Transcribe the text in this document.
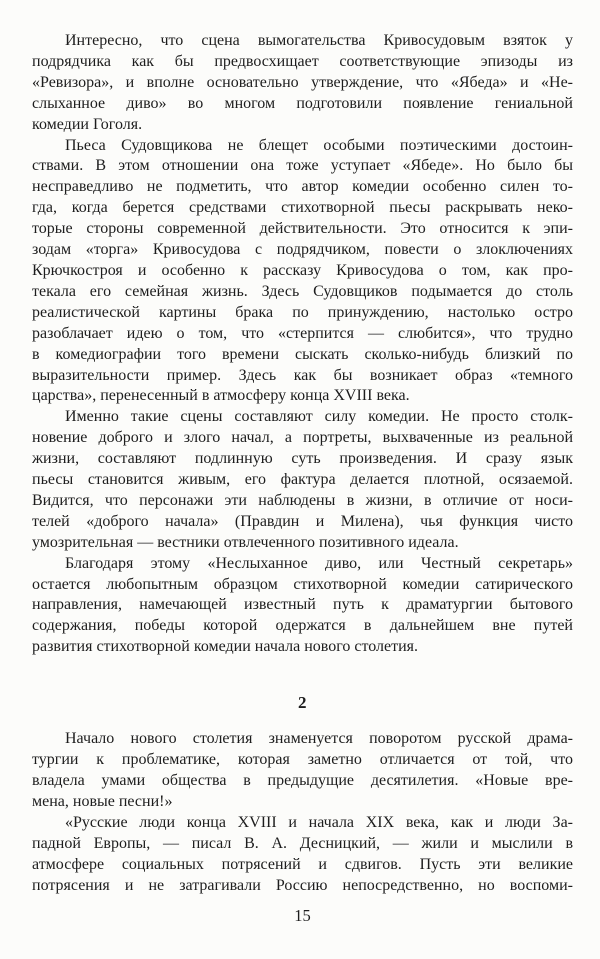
Интересно, что сцена вымогательства Кривосудовым взяток у
подрядчика как бы предвосхищает соответствующие эпизоды из
«Ревизора», и вполне основательно утверждение, что «Ябеда» и «Не-
слыханное диво» во многом подготовили появление гениальной
комедии Гоголя.
Пьеса Судовщикова не блещет особыми поэтическими достоин-
ствами. В этом отношении она тоже уступает «Ябеде». Но было бы
несправедливо не подметить, что автор комедии особенно силен то-
гда, когда берется средствами стихотворной пьесы раскрывать неко-
торые стороны современной действительности. Это относится к эпи-
зодам «торга» Кривосудова с подрядчиком, повести о злоключениях
Крючкостроя и особенно к рассказу Кривосудова о том, как про-
текала его семейная жизнь. Здесь Судовщиков подымается до столь
реалистической картины брака по принуждению, настолько остро
разоблачает идею о том, что «стерпится — слюбится», что трудно
в комедиографии того времени сыскать сколько-нибудь близкий по
выразительности пример. Здесь как бы возникает образ «темного
царства», перенесенный в атмосферу конца XVIII века.
Именно такие сцены составляют силу комедии. Не просто столк-
новение доброго и злого начал, а портреты, выхваченные из реальной
жизни, составляют подлинную суть произведения. И сразу язык
пьесы становится живым, его фактура делается плотной, осязаемой.
Видится, что персонажи эти наблюдены в жизни, в отличие от носи-
телей «доброго начала» (Правдин и Милена), чья функция чисто
умозрительная — вестники отвлеченного позитивного идеала.
Благодаря этому «Неслыханное диво, или Честный секретарь»
остается любопытным образцом стихотворной комедии сатирического
направления, намечающей известный путь к драматургии бытового
содержания, победы которой одержатся в дальнейшем вне путей
развития стихотворной комедии начала нового столетия.
2
Начало нового столетия знаменуется поворотом русской драма-
тургии к проблематике, которая заметно отличается от той, что
владела умами общества в предыдущие десятилетия. «Новые вре-
мена, новые песни!»
«Русские люди конца XVIII и начала XIX века, как и люди За-
падной Европы, — писал В. А. Десницкий, — жили и мыслили в
атмосфере социальных потрясений и сдвигов. Пусть эти великие
потрясения и не затрагивали Россию непосредственно, но воспоми-
15
